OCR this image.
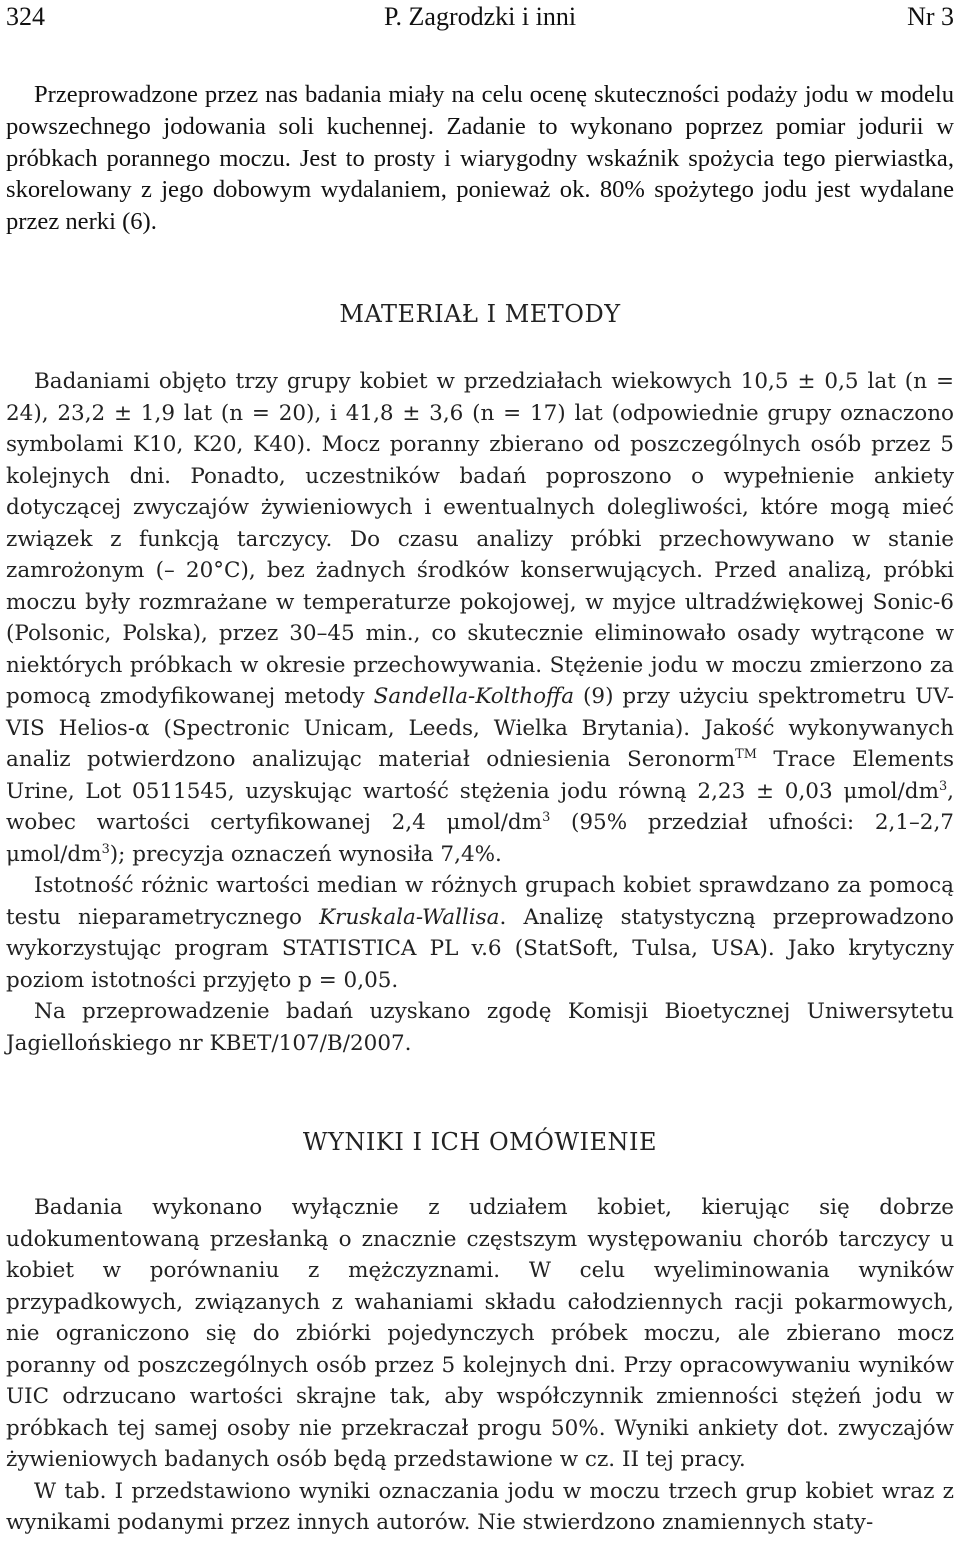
324	P. Zagrodzki i inni	Nr 3

Przeprowadzone przez nas badania miały na celu ocenę skuteczności podaży jodu w modelu powszechnego jodowania soli kuchennej. Zadanie to wykonano poprzez pomiar jodurii w próbkach porannego moczu. Jest to prosty i wiarygodny wskaźnik spożycia tego pierwiastka, skorelowany z jego dobowym wydalaniem, ponieważ ok. 80% spożytego jodu jest wydalane przez nerki (6).

MATERIAŁ I METODY

Badaniami objęto trzy grupy kobiet w przedziałach wiekowych 10,5 ± 0,5 lat (n = 24), 23,2 ± 1,9 lat (n = 20), i 41,8 ± 3,6 (n = 17) lat (odpowiednie grupy oznaczono symbolami K10, K20, K40). Mocz poranny zbierano od poszczególnych osób przez 5 kolejnych dni. Ponadto, uczestników badań poproszono o wypełnienie ankiety dotyczącej zwyczajów żywieniowych i ewentualnych dolegliwości, które mogą mieć związek z funkcją tarczycy. Do czasu analizy próbki przechowywano w stanie zamrożonym (– 20°C), bez żadnych środków konserwujących. Przed analizą, próbki moczu były rozmrażane w temperaturze pokojowej, w myjce ultradźwiękowej Sonic-6 (Polsonic, Polska), przez 30–45 min., co skutecznie eliminowało osady wytrącone w niektórych próbkach w okresie przechowywania. Stężenie jodu w moczu zmierzono za pomocą zmodyfikowanej metody Sandella-Kolthoffa (9) przy użyciu spektrometru UV-VIS Helios-α (Spectronic Unicam, Leeds, Wielka Brytania). Jakość wykonywanych analiz potwierdzono analizując materiał odniesienia Seronorm™ Trace Elements Urine, Lot 0511545, uzyskując wartość stężenia jodu równą 2,23 ± 0,03 μmol/$dm^3$, wobec wartości certyfikowanej 2,4 μmol/$dm^3$ (95% przedział ufności: 2,1–2,7 μmol/$dm^3$); precyzja oznaczeń wynosiła 7,4%.

Istotność różnic wartości median w różnych grupach kobiet sprawdzano za pomocą testu nieparametrycznego Kruskala-Wallisa. Analizę statystyczną przeprowadzono wykorzystując program STATISTICA PL v.6 (StatSoft, Tulsa, USA). Jako krytyczny poziom istotności przyjęto p = 0,05.

Na przeprowadzenie badań uzyskano zgodę Komisji Bioetycznej Uniwersytetu Jagiellońskiego nr KBET/107/B/2007.

WYNIKI I ICH OMÓWIENIE

Badania wykonano wyłącznie z udziałem kobiet, kierując się dobrze udokumentowaną przesłanką o znacznie częstszym występowaniu chorób tarczycy u kobiet w porównaniu z mężczyznami. W celu wyeliminowania wyników przypadkowych, związanych z wahaniami składu całodziennych racji pokarmowych, nie ograniczono się do zbiórki pojedynczych próbek moczu, ale zbierano mocz poranny od poszczególnych osób przez 5 kolejnych dni. Przy opracowywaniu wyników UIC odrzucano wartości skrajne tak, aby współczynnik zmienności stężeń jodu w próbkach tej samej osoby nie przekraczał progu 50%. Wyniki ankiety dot. zwyczajów żywieniowych badanych osób będą przedstawione w cz. II tej pracy.

W tab. I przedstawiono wyniki oznaczania jodu w moczu trzech grup kobiet wraz z wynikami podanymi przez innych autorów. Nie stwierdzono znamiennych staty-
